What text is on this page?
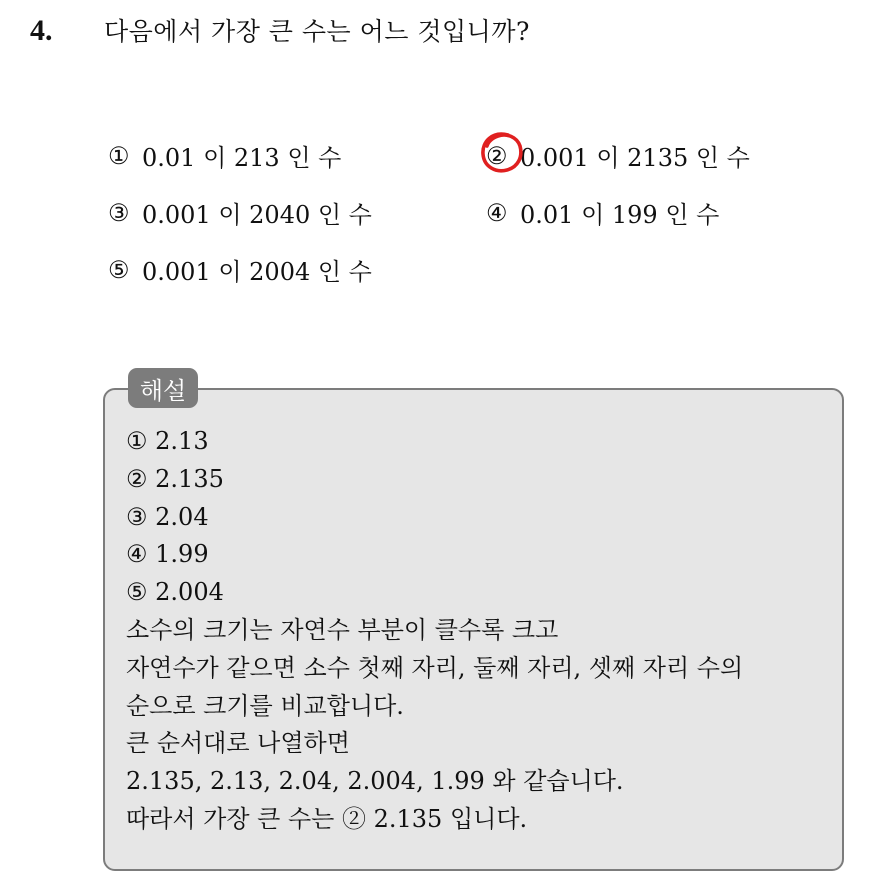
4.	다음에서 가장 큰 수는 어느 것입니까?
① 0.01 이 213 인 수	② 0.001 이 2135 인 수
③ 0.001 이 2040 인 수	④ 0.01 이 199 인 수
⑤ 0.001 이 2004 인 수
해설
① 2.13
② 2.135
③ 2.04
④ 1.99
⑤ 2.004
소수의 크기는 자연수 부분이 클수록 크고
자연수가 같으면 소수 첫째 자리, 둘째 자리, 셋째 자리 수의
순으로 크기를 비교합니다.
큰 순서대로 나열하면
2.135, 2.13, 2.04, 2.004, 1.99 와 같습니다.
따라서 가장 큰 수는 ② 2.135 입니다.
